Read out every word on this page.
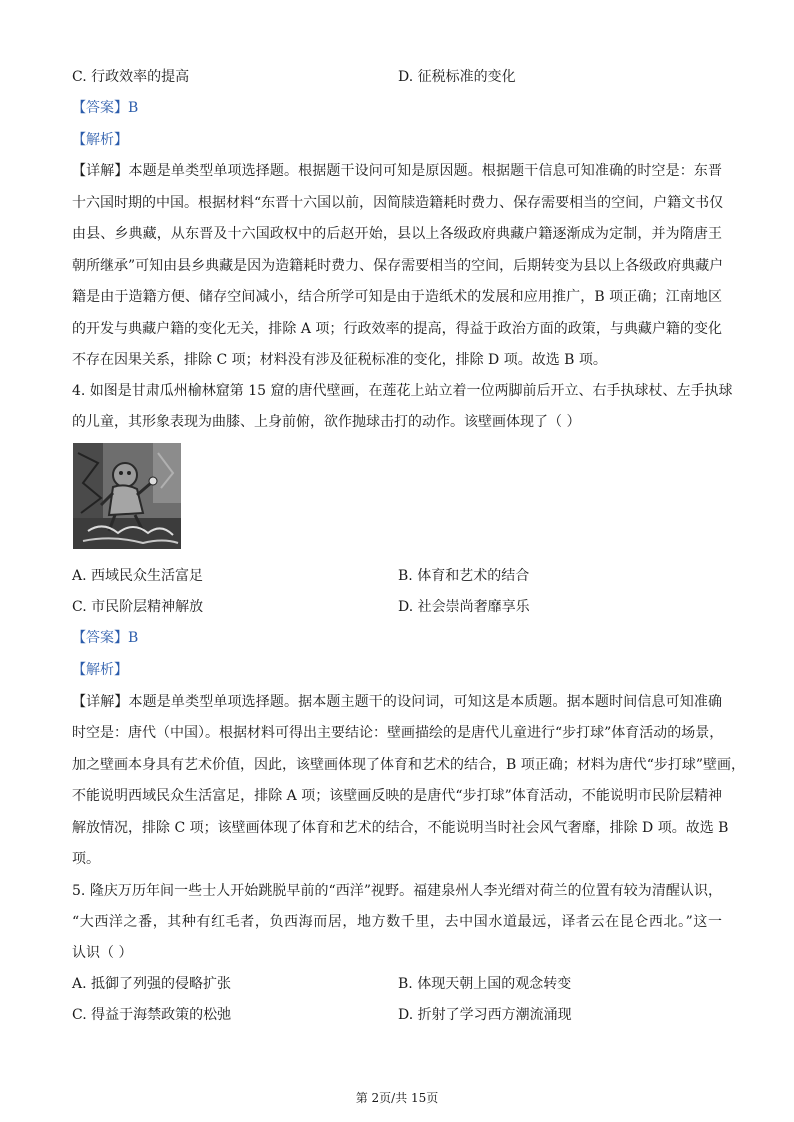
C. 行政效率的提高	D. 征税标准的变化
【答案】B
【解析】
【详解】本题是单类型单项选择题。根据题干设问可知是原因题。根据题干信息可知准确的时空是：东晋
十六国时期的中国。根据材料“东晋十六国以前，因简牍造籍耗时费力、保存需要相当的空间，户籍文书仅
由县、乡典藏，从东晋及十六国政权中的后赵开始，县以上各级政府典藏户籍逐渐成为定制，并为隋唐王
朝所继承”可知由县乡典藏是因为造籍耗时费力、保存需要相当的空间，后期转变为县以上各级政府典藏户
籍是由于造籍方便、储存空间减小，结合所学可知是由于造纸术的发展和应用推广，B 项正确；江南地区
的开发与典藏户籍的变化无关，排除 A 项；行政效率的提高，得益于政治方面的政策，与典藏户籍的变化
不存在因果关系，排除 C 项；材料没有涉及征税标准的变化，排除 D 项。故选 B 项。
4. 如图是甘肃瓜州榆林窟第 15 窟的唐代壁画，在莲花上站立着一位两脚前后开立、右手执球杖、左手执球
的儿童，其形象表现为曲膝、上身前俯，欲作抛球击打的动作。该壁画体现了（ ）
A. 西域民众生活富足	B. 体育和艺术的结合
C. 市民阶层精神解放	D. 社会崇尚奢靡享乐
【答案】B
【解析】
【详解】本题是单类型单项选择题。据本题主题干的设问词，可知这是本质题。据本题时间信息可知准确
时空是：唐代（中国）。根据材料可得出主要结论：壁画描绘的是唐代儿童进行“步打球”体育活动的场景，
加之壁画本身具有艺术价值，因此，该壁画体现了体育和艺术的结合，B 项正确；材料为唐代“步打球”壁画，
不能说明西域民众生活富足，排除 A 项；该壁画反映的是唐代“步打球”体育活动，不能说明市民阶层精神
解放情况，排除 C 项；该壁画体现了体育和艺术的结合，不能说明当时社会风气奢靡，排除 D 项。故选 B
项。
5. 隆庆万历年间一些士人开始跳脱早前的“西洋”视野。福建泉州人李光缙对荷兰的位置有较为清醒认识，
“大西洋之番，其种有红毛者，负西海而居，地方数千里，去中国水道最远，译者云在昆仑西北。”这一
认识（ ）
A. 抵御了列强的侵略扩张	B. 体现天朝上国的观念转变
C. 得益于海禁政策的松弛	D. 折射了学习西方潮流涌现
第 2页/共 15页
